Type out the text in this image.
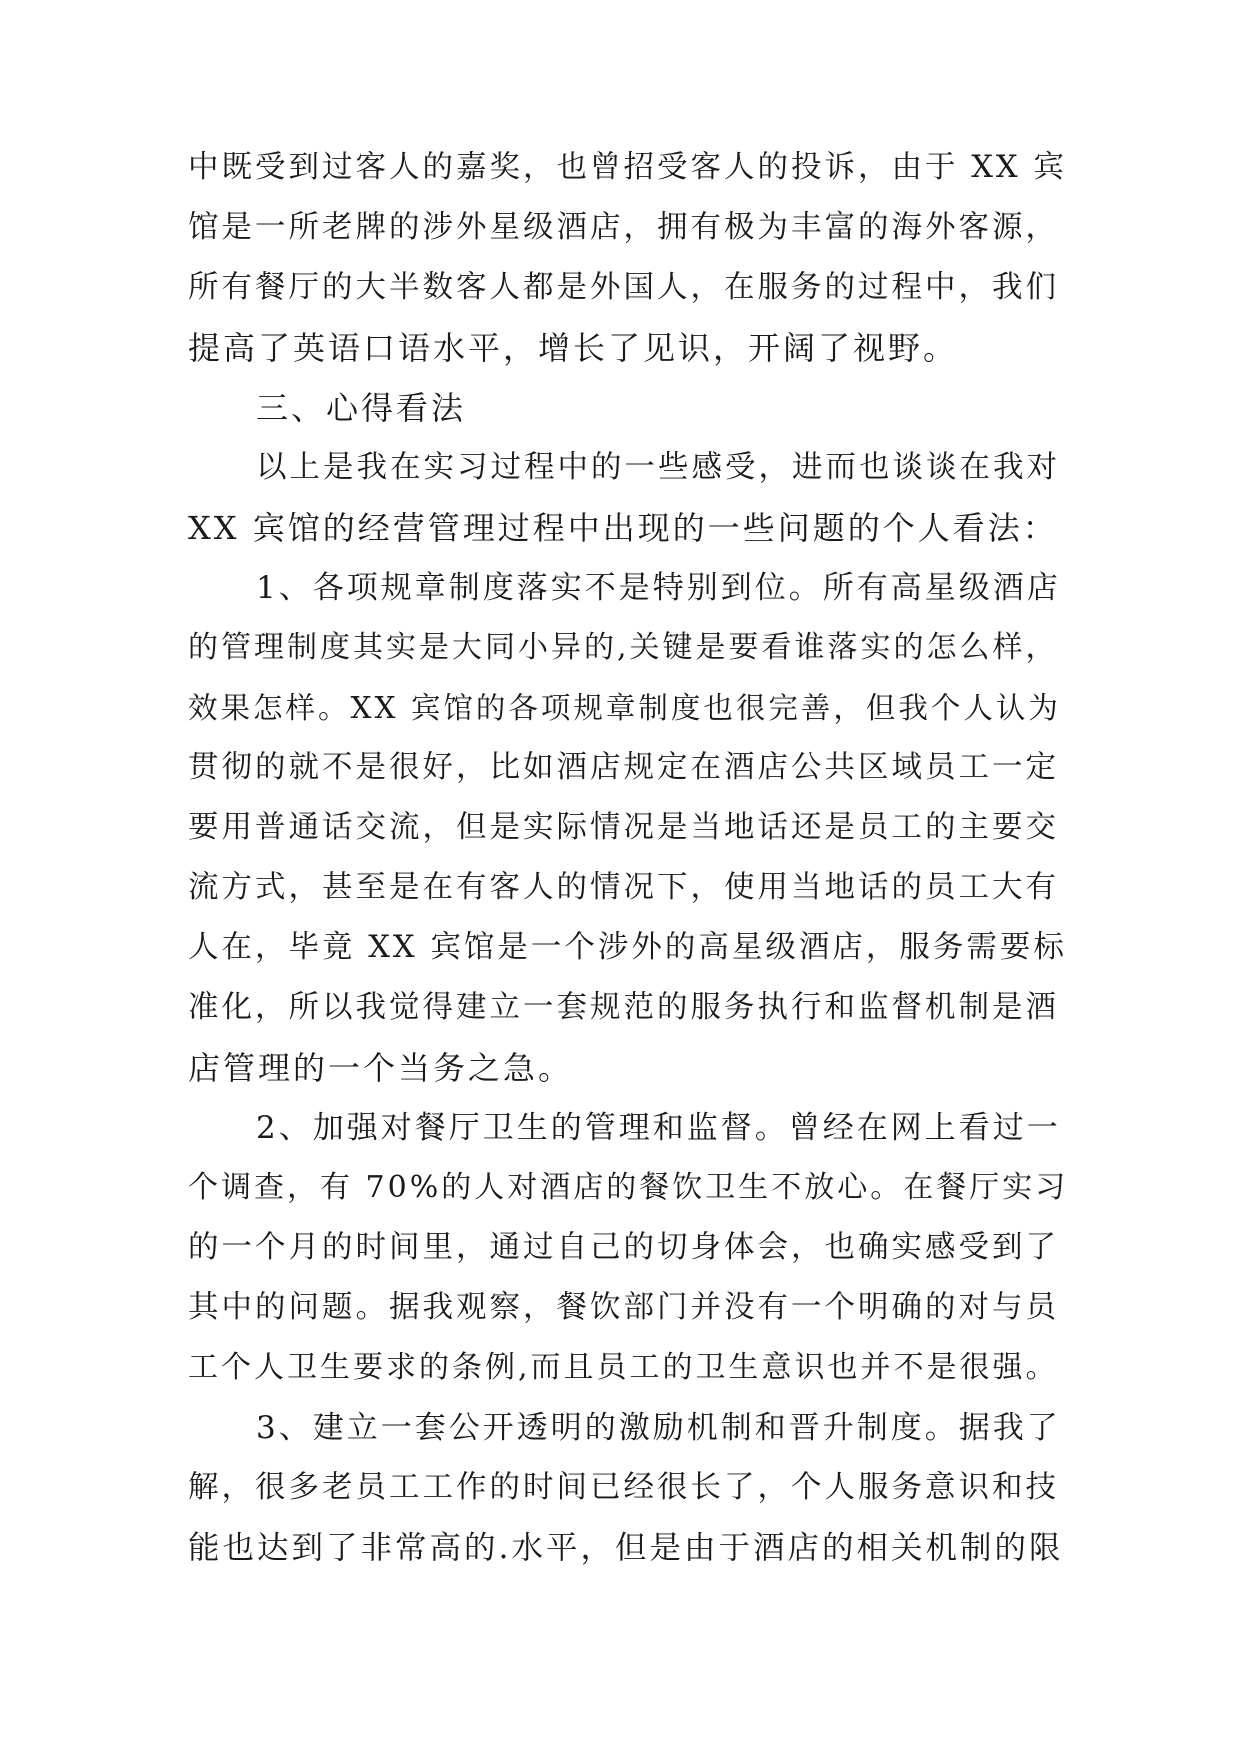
中既受到过客人的嘉奖，也曾招受客人的投诉，由于 XX 宾
馆是一所老牌的涉外星级酒店，拥有极为丰富的海外客源，
所有餐厅的大半数客人都是外国人，在服务的过程中，我们
提高了英语口语水平，增长了见识，开阔了视野。
三、心得看法
以上是我在实习过程中的一些感受，进而也谈谈在我对
XX 宾馆的经营管理过程中出现的一些问题的个人看法：
1、各项规章制度落实不是特别到位。所有高星级酒店
的管理制度其实是大同小异的,关键是要看谁落实的怎么样，
效果怎样。XX 宾馆的各项规章制度也很完善，但我个人认为
贯彻的就不是很好，比如酒店规定在酒店公共区域员工一定
要用普通话交流，但是实际情况是当地话还是员工的主要交
流方式，甚至是在有客人的情况下，使用当地话的员工大有
人在，毕竟 XX 宾馆是一个涉外的高星级酒店，服务需要标
准化，所以我觉得建立一套规范的服务执行和监督机制是酒
店管理的一个当务之急。
2、加强对餐厅卫生的管理和监督。曾经在网上看过一
个调查，有 70%的人对酒店的餐饮卫生不放心。在餐厅实习
的一个月的时间里，通过自己的切身体会，也确实感受到了
其中的问题。据我观察，餐饮部门并没有一个明确的对与员
工个人卫生要求的条例,而且员工的卫生意识也并不是很强。
3、建立一套公开透明的激励机制和晋升制度。据我了
解，很多老员工工作的时间已经很长了，个人服务意识和技
能也达到了非常高的.水平，但是由于酒店的相关机制的限
